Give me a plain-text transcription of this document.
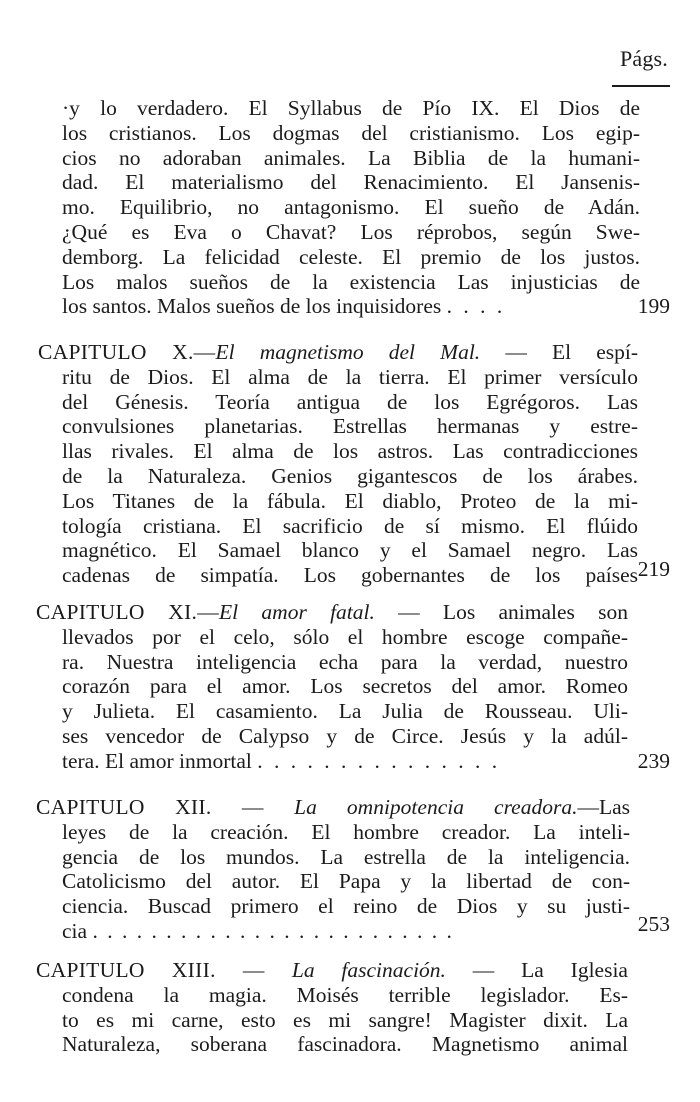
Págs.
·y lo verdadero. El Syllabus de Pío IX. El Dios de
los cristianos. Los dogmas del cristianismo. Los egip-
cios no adoraban animales. La Biblia de la humani-
dad. El materialismo del Renacimiento. El Jansenis-
mo. Equilibrio, no antagonismo. El sueño de Adán.
¿Qué es Eva o Chavat? Los réprobos, según Swe-
demborg. La felicidad celeste. El premio de los justos.
Los malos sueños de la existencia Las injusticias de
los santos. Malos sueños de los inquisidores . . . .	199
CAPITULO X.—El magnetismo del Mal. — El espí-
ritu de Dios. El alma de la tierra. El primer versículo
del Génesis. Teoría antigua de los Egrégoros. Las
convulsiones planetarias. Estrellas hermanas y estre-
llas rivales. El alma de los astros. Las contradicciones
de la Naturaleza. Genios gigantescos de los árabes.
Los Titanes de la fábula. El diablo, Proteo de la mi-
tología cristiana. El sacrificio de sí mismo. El flúido
magnético. El Samael blanco y el Samael negro. Las
cadenas de simpatía. Los gobernantes de los países 219
CAPITULO XI.—El amor fatal. — Los animales son
llevados por el celo, sólo el hombre escoge compañe-
ra. Nuestra inteligencia echa para la verdad, nuestro
corazón para el amor. Los secretos del amor. Romeo
y Julieta. El casamiento. La Julia de Rousseau. Uli-
ses vencedor de Calypso y de Circe. Jesús y la adúl-
tera. El amor inmortal . . . . . . . . . . . . . . .	239
CAPITULO XII. — La omnipotencia creadora.—Las
leyes de la creación. El hombre creador. La inteli-
gencia de los mundos. La estrella de la inteligencia.
Catolicismo del autor. El Papa y la libertad de con-
ciencia. Buscad primero el reino de Dios y su justi-
cia . . . . . . . . . . . . . . . . . . . . . . . . .	253
CAPITULO XIII. — La fascinación. — La Iglesia
condena la magia. Moisés terrible legislador. Es-
to es mi carne, esto es mi sangre! Magister dixit. La
Naturaleza, soberana fascinadora. Magnetismo animal
